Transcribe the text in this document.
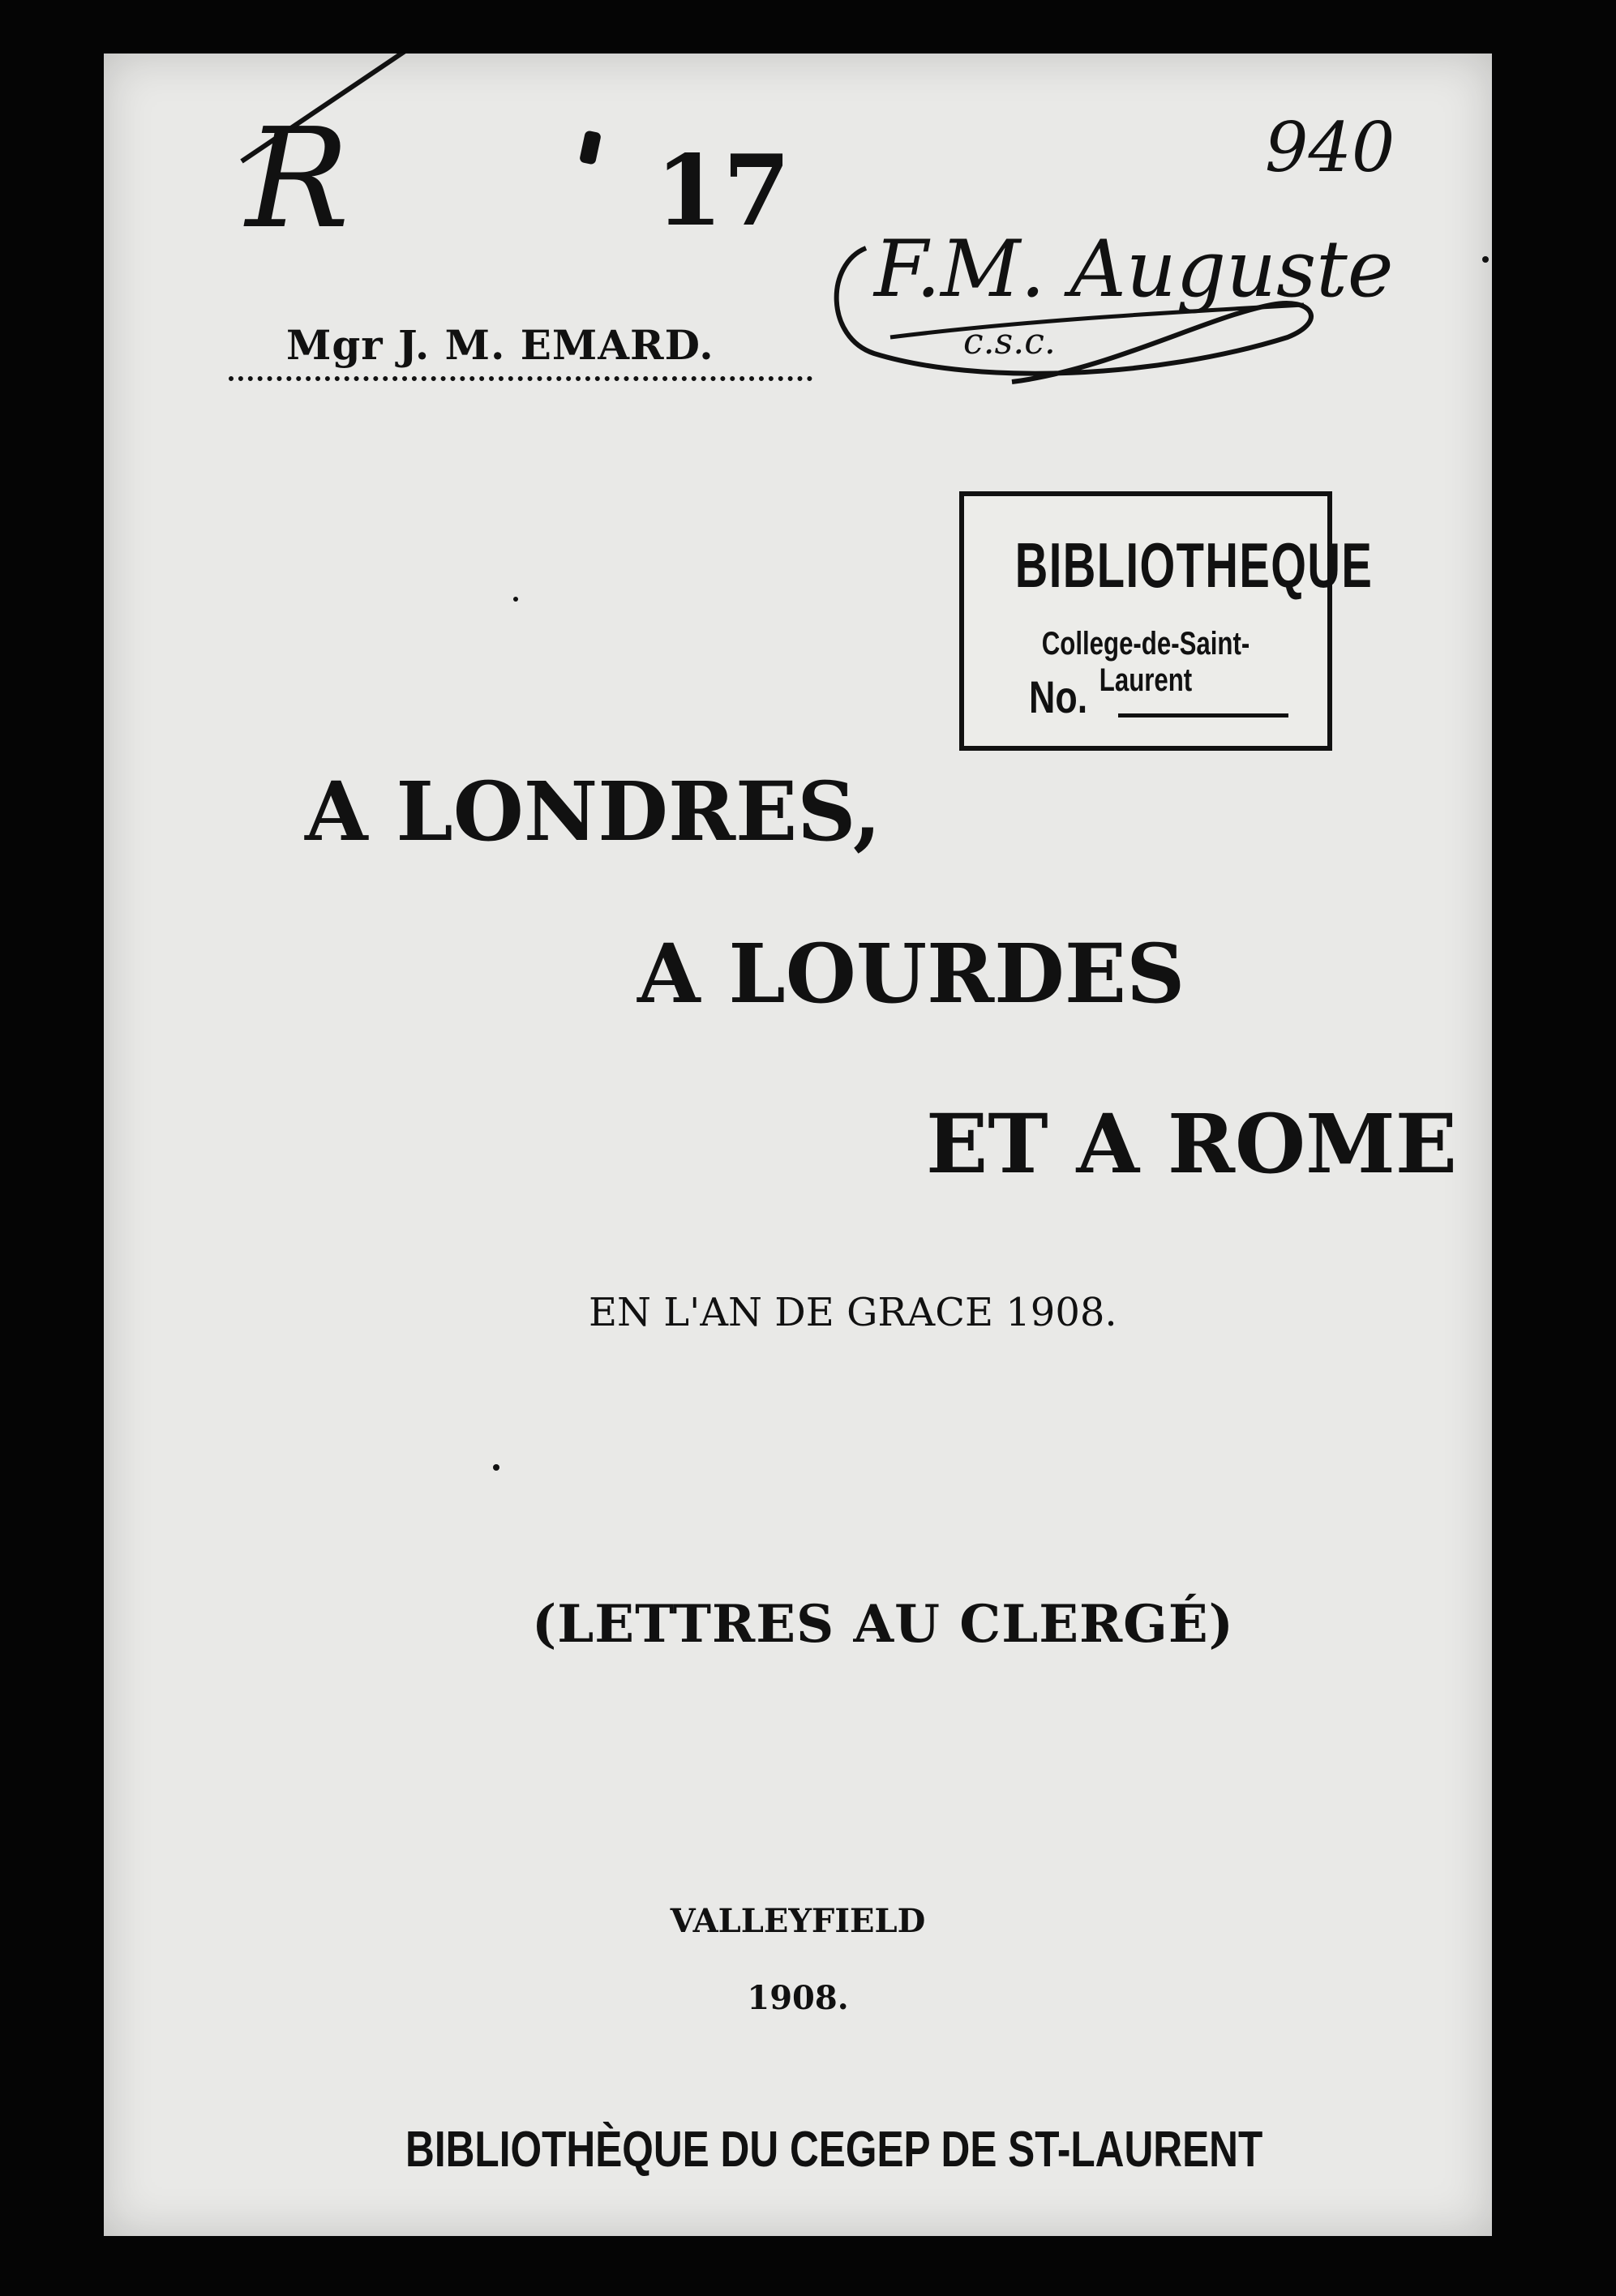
R	17	940
Mgr J. M. EMARD.
F.M. Auguste
c.s.c.
BIBLIOTHEQUE
College-de-Saint-Laurent
No.
A LONDRES,
A LOURDES
ET A ROME
EN L'AN DE GRACE 1908.
(LETTRES AU CLERGÉ)
VALLEYFIELD
1908.
BIBLIOTHÈQUE DU CEGEP DE ST-LAURENT
